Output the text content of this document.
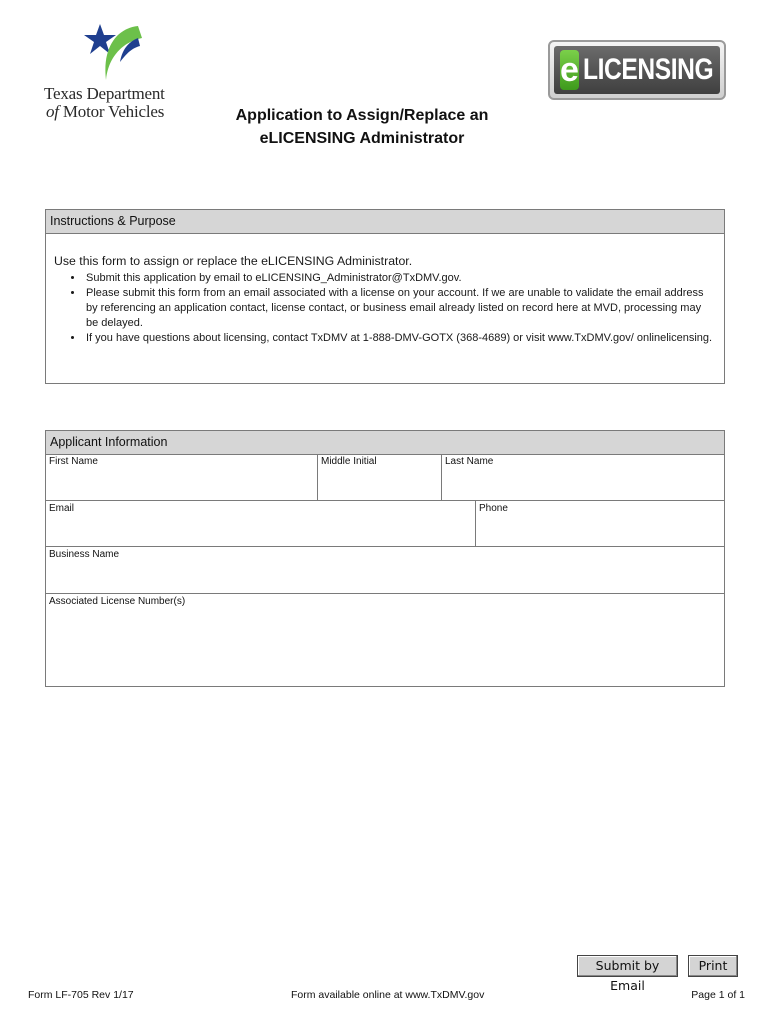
Texas Department
of Motor Vehicles
e LICENSING
Application to Assign/Replace an
eLICENSING Administrator
Instructions & Purpose
Use this form to assign or replace the eLICENSING Administrator.
• Submit this application by email to eLICENSING_Administrator@TxDMV.gov.
• Please submit this form from an email associated with a license on your account. If we are unable to validate the email address by referencing an application contact, license contact, or business email already listed on record here at MVD, processing may be delayed.
• If you have questions about licensing, contact TxDMV at 1-888-DMV-GOTX (368-4689) or visit www.TxDMV.gov/ onlinelicensing.
Applicant Information
First Name	Middle Initial	Last Name
Email	Phone
Business Name
Associated License Number(s)
Submit by Email
Print
Form LF-705 Rev 1/17	Form available online at www.TxDMV.gov	Page 1 of 1
